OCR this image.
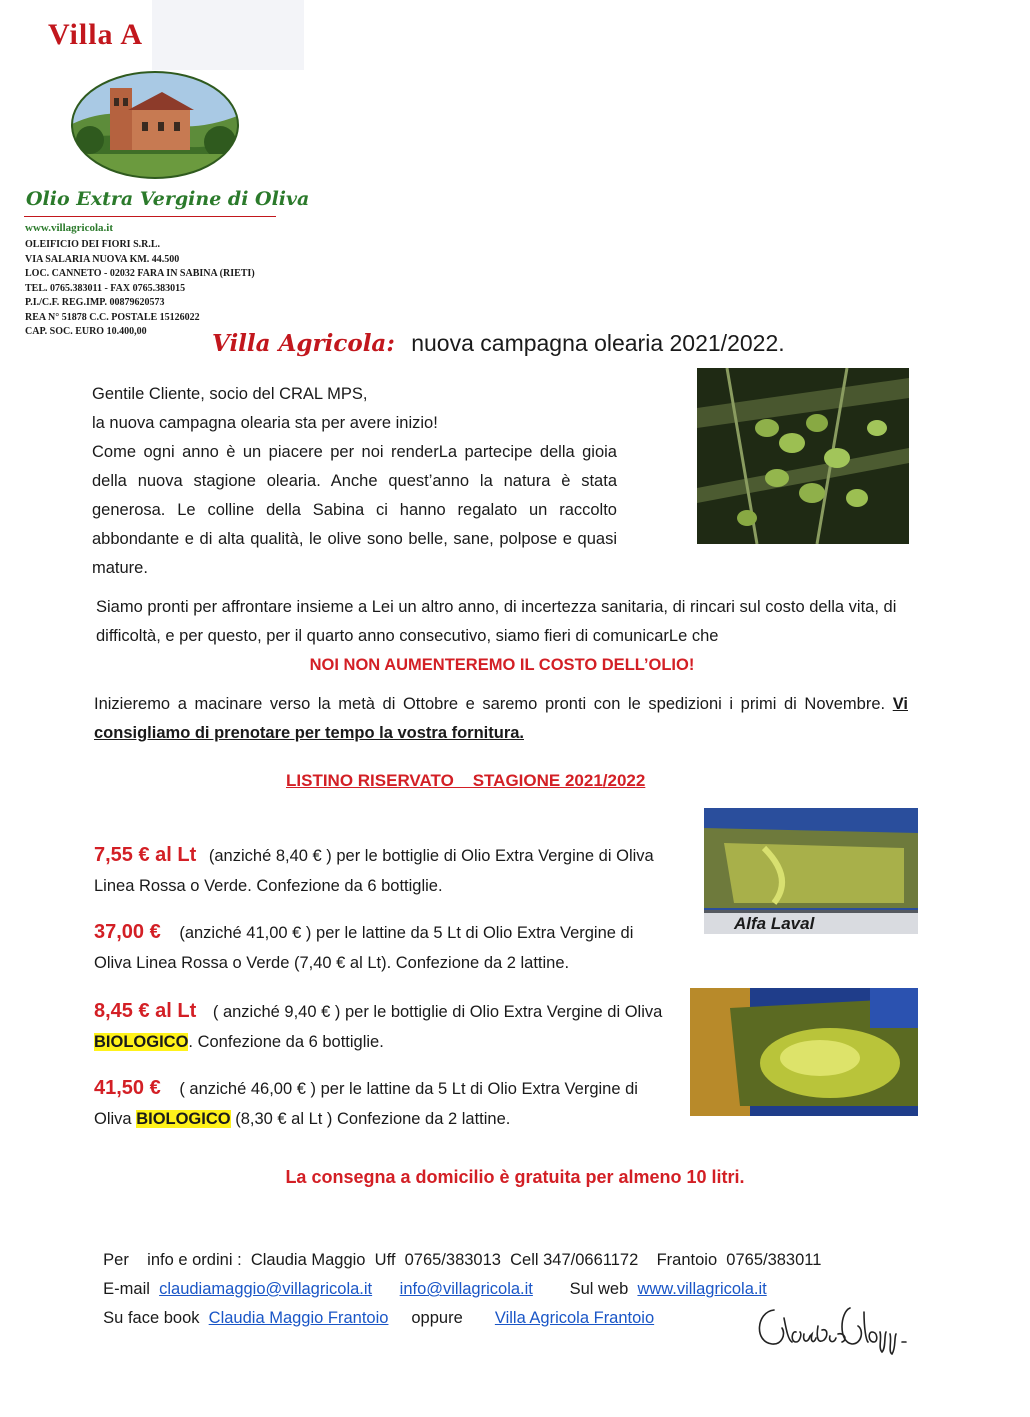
Villa A
Olio Extra Vergine di Oliva
www.villagricola.it
OLEIFICIO DEI FIORI S.R.L.
VIA SALARIA NUOVA KM. 44.500
LOC. CANNETO - 02032 FARA IN SABINA (RIETI)
TEL. 0765.383011 - FAX 0765.383015
P.I./C.F. REG.IMP. 00879620573
REA N° 51878 C.C. POSTALE 15126022
CAP. SOC. EURO 10.400,00	Villa Agricola: nuova campagna olearia 2021/2022.
Gentile Cliente, socio del CRAL MPS,
la nuova campagna olearia sta per avere inizio!
Come ogni anno è un piacere per noi renderLa partecipe della gioia della nuova stagione olearia. Anche quest’anno la natura è stata generosa. Le colline della Sabina ci hanno regalato un raccolto abbondante e di alta qualità, le olive sono belle, sane, polpose e quasi mature.
Siamo pronti per affrontare insieme a Lei un altro anno, di incertezza sanitaria, di rincari sul costo della vita, di difficoltà, e per questo, per il quarto anno consecutivo, siamo fieri di comunicarLe che
NOI NON AUMENTEREMO IL COSTO DELL’OLIO!
Inizieremo a macinare verso la metà di Ottobre e saremo pronti con le spedizioni i primi di Novembre. Vi consigliamo di prenotare per tempo la vostra fornitura.
LISTINO RISERVATO    STAGIONE 2021/2022
Alfa Laval
7,55 € al Lt (anziché 8,40 € ) per le bottiglie di Olio Extra Vergine di Oliva Linea Rossa o Verde. Confezione da 6 bottiglie.
37,00 € (anziché 41,00 € ) per le lattine da 5 Lt di Olio Extra Vergine di Oliva Linea Rossa o Verde (7,40 € al Lt). Confezione da 2 lattine.
8,45 € al Lt ( anziché 9,40 € ) per le bottiglie di Olio Extra Vergine di Oliva BIOLOGICO. Confezione da 6 bottiglie.
41,50 € ( anziché 46,00 € ) per le lattine da 5 Lt di Olio Extra Vergine di Oliva BIOLOGICO (8,30 € al Lt ) Confezione da 2 lattine.
La consegna a domicilio è gratuita per almeno 10 litri.

Per    info e ordini :  Claudia Maggio  Uff  0765/383013  Cell 347/0661172    Frantoio  0765/383011

E-mail claudiamaggio@villagricola.it info@villagricola.it Sul web www.villagricola.it

Su face book Claudia Maggio Frantoio oppure Villa Agricola Frantoio
